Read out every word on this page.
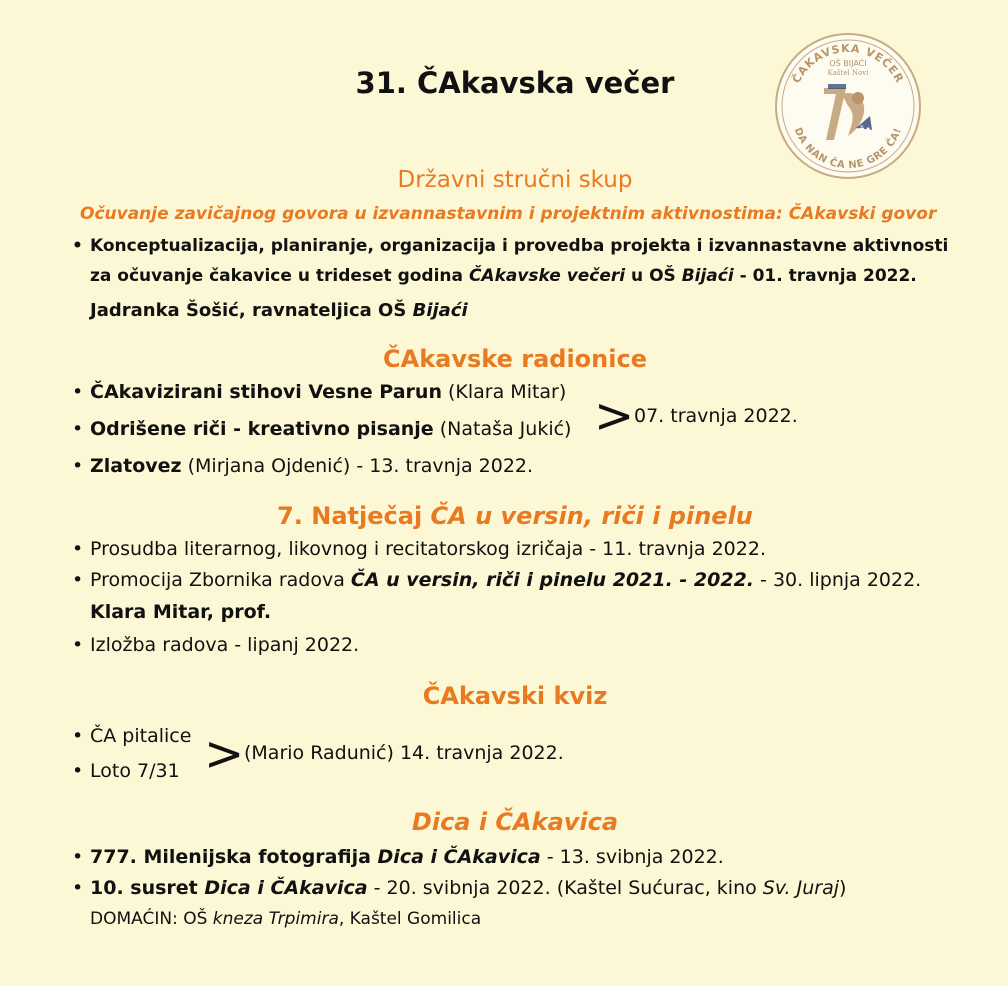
31. ČAkavska večer	ČAKAVSKA VEČER
OŠ BIJAĆI
Kaštel Novi
ČA
DA NAN ČA NE GRE ČA!
Državni stručni skup
Očuvanje zavičajnog govora u izvannastavnim i projektnim aktivnostima: ČAkavski govor
• Konceptualizacija, planiranje, organizacija i provedba projekta i izvannastavne aktivnosti
za očuvanje čakavice u trideset godina ČAkavske večeri u OŠ Bijaći - 01. travnja 2022.
Jadranka Šošić, ravnateljica OŠ Bijaći
ČAkavske radionice
• ČAkavizirani stihovi Vesne Parun (Klara Mitar)
• Odrišene riči - kreativno pisanje (Nataša Jukić) > 07. travnja 2022.
• Zlatovez (Mirjana Ojdenić) - 13. travnja 2022.
7. Natječaj ČA u versin, riči i pinelu
• Prosudba literarnog, likovnog i recitatorskog izričaja - 11. travnja 2022.
• Promocija Zbornika radova ČA u versin, riči i pinelu 2021. - 2022. - 30. lipnja 2022.
Klara Mitar, prof.
• Izložba radova - lipanj 2022.
ČAkavski kviz
• ČA pitalice
• Loto 7/31 > (Mario Radunić) 14. travnja 2022.
Dica i ČAkavica
• 777. Milenijska fotografija Dica i ČAkavica - 13. svibnja 2022.
• 10. susret Dica i ČAkavica - 20. svibnja 2022. (Kaštel Sućurac, kino Sv. Juraj)
DOMAĆIN: OŠ kneza Trpimira, Kaštel Gomilica
